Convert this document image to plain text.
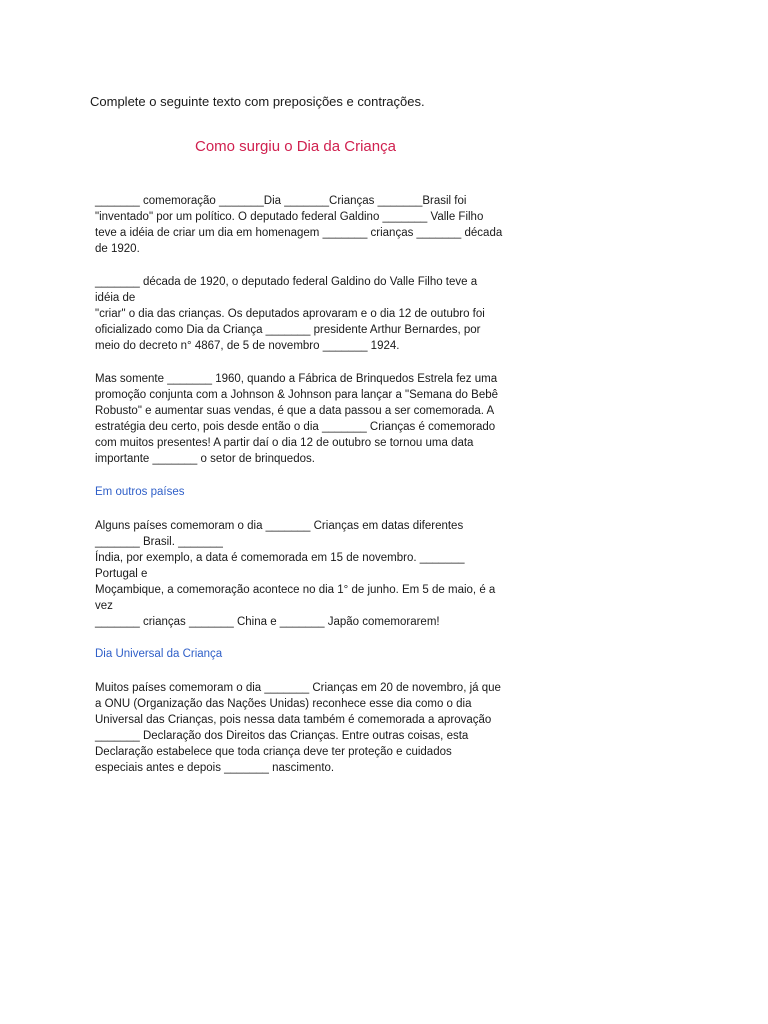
Complete o seguinte texto com preposições e contrações.
Como surgiu o Dia da Criança
_______ comemoração _______Dia _______Crianças _______Brasil foi
"inventado" por um político. O deputado federal Galdino _______ Valle Filho
teve a idéia de criar um dia em homenagem _______ crianças _______ década
de 1920.
_______ década de 1920, o deputado federal Galdino do Valle Filho teve a
idéia de
"criar" o dia das crianças. Os deputados aprovaram e o dia 12 de outubro foi
oficializado como Dia da Criança _______ presidente Arthur Bernardes, por
meio do decreto n° 4867, de 5 de novembro _______ 1924.
Mas somente _______ 1960, quando a Fábrica de Brinquedos Estrela fez uma
promoção conjunta com a Johnson & Johnson para lançar a "Semana do Bebê
Robusto" e aumentar suas vendas, é que a data passou a ser comemorada. A
estratégia deu certo, pois desde então o dia _______ Crianças é comemorado
com muitos presentes! A partir daí o dia 12 de outubro se tornou uma data
importante _______ o setor de brinquedos.
Em outros países
Alguns países comemoram o dia _______ Crianças em datas diferentes
_______ Brasil. _______
Índia, por exemplo, a data é comemorada em 15 de novembro. _______
Portugal e
Moçambique, a comemoração acontece no dia 1° de junho. Em 5 de maio, é a
vez
_______ crianças _______ China e _______ Japão comemorarem!
Dia Universal da Criança
Muitos países comemoram o dia _______ Crianças em 20 de novembro, já que
a ONU (Organização das Nações Unidas) reconhece esse dia como o dia
Universal das Crianças, pois nessa data também é comemorada a aprovação
_______ Declaração dos Direitos das Crianças. Entre outras coisas, esta
Declaração estabelece que toda criança deve ter proteção e cuidados
especiais antes e depois _______ nascimento.
